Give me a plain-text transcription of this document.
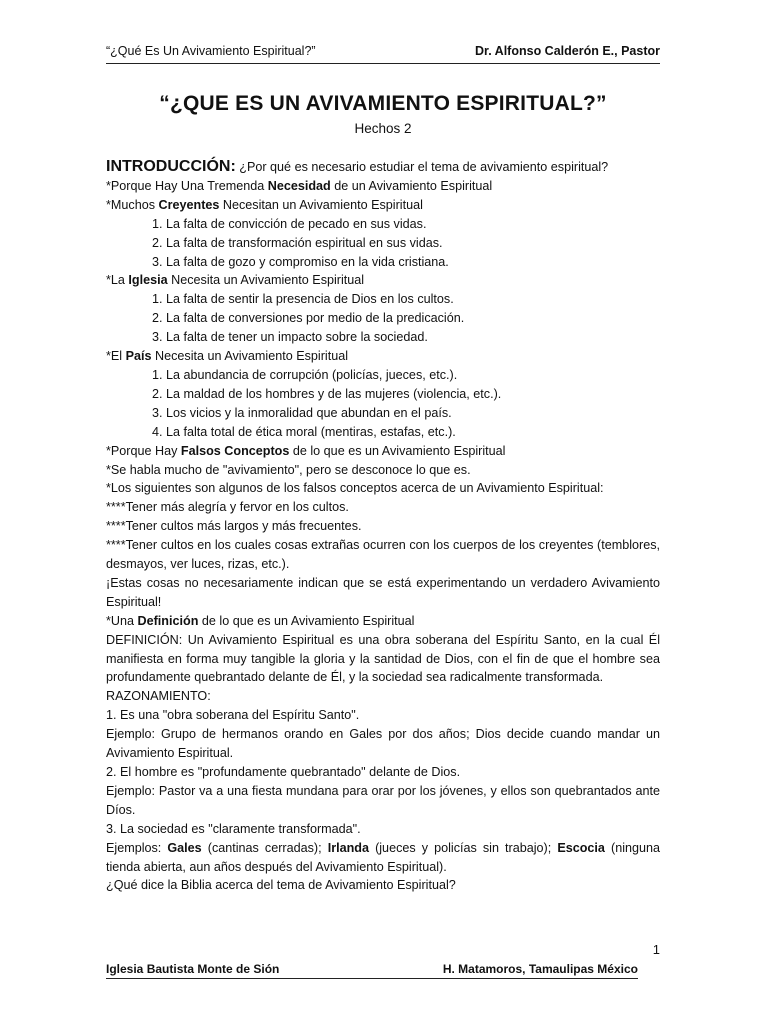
“¿Qué Es Un Avivamiento Espiritual?”	Dr. Alfonso Calderón E., Pastor
“¿QUE ES UN AVIVAMIENTO ESPIRITUAL?”
Hechos 2

INTRODUCCIÓN: ¿Por qué es necesario estudiar el tema de avivamiento espiritual?

*Porque Hay Una Tremenda Necesidad de un Avivamiento Espiritual

*Muchos Creyentes Necesitan un Avivamiento Espiritual

1. La falta de convicción de pecado en sus vidas.

2. La falta de transformación espiritual en sus vidas.

3. La falta de gozo y compromiso en la vida cristiana.

*La Iglesia Necesita un Avivamiento Espiritual

1. La falta de sentir la presencia de Dios en los cultos.

2. La falta de conversiones por medio de la predicación.

3. La falta de tener un impacto sobre la sociedad.

*El País Necesita un Avivamiento Espiritual

1. La abundancia de corrupción (policías, jueces, etc.).

2. La maldad de los hombres y de las mujeres (violencia, etc.).

3. Los vicios y la inmoralidad que abundan en el país.

4. La falta total de ética moral (mentiras, estafas, etc.).

*Porque Hay Falsos Conceptos de lo que es un Avivamiento Espiritual

*Se habla mucho de "avivamiento", pero se desconoce lo que es.

*Los siguientes son algunos de los falsos conceptos acerca de un Avivamiento Espiritual:

****Tener más alegría y fervor en los cultos.

****Tener cultos más largos y más frecuentes.

****Tener cultos en los cuales cosas extrañas ocurren con los cuerpos de los creyentes (temblores, desmayos, ver luces, rizas, etc.).

¡Estas cosas no necesariamente indican que se está experimentando un verdadero Avivamiento Espiritual!

*Una Definición de lo que es un Avivamiento Espiritual

DEFINICIÓN: Un Avivamiento Espiritual es una obra soberana del Espíritu Santo, en la cual Él manifiesta en forma muy tangible la gloria y la santidad de Dios, con el fin de que el hombre sea profundamente quebrantado delante de Él, y la sociedad sea radicalmente transformada.

RAZONAMIENTO:

1. Es una "obra soberana del Espíritu Santo".

Ejemplo: Grupo de hermanos orando en Gales por dos años; Dios decide cuando mandar un Avivamiento Espiritual.

2. El hombre es "profundamente quebrantado" delante de Dios.

Ejemplo: Pastor va a una fiesta mundana para orar por los jóvenes, y ellos son quebrantados ante Díos.

3. La sociedad es "claramente transformada".

Ejemplos: Gales (cantinas cerradas); Irlanda (jueces y policías sin trabajo); Escocia (ninguna tienda abierta, aun años después del Avivamiento Espiritual).

¿Qué dice la Biblia acerca del tema de Avivamiento Espiritual?

1
Iglesia Bautista Monte de Sión	H. Matamoros, Tamaulipas México
